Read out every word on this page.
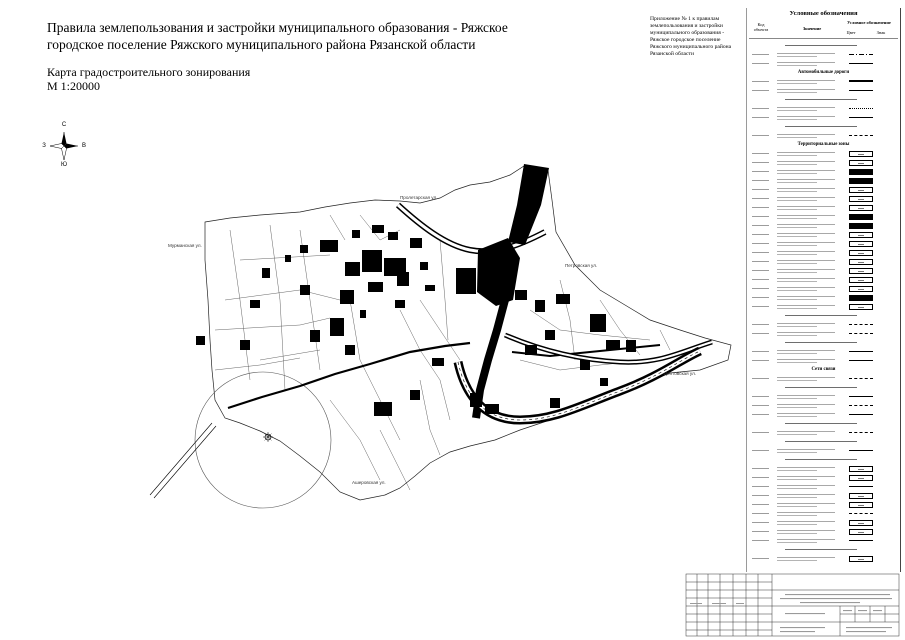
Пролетарская ул.
Мурманская ул.
Петровская ул.
Дептовская ул.
Ашеровская ул.
Правила землепользования и застройки муниципального образования - Ряжское
городское поселение Ряжского муниципального района Рязанской области
Карта градостроительного зонирования
М 1:20000
Приложение № 1 к правилам
землепользования и застройки
муниципального образования -
Ряжское городское поселение
Ряжского муниципального района
Рязанской области
С
Ю
З	В
Условные обозначения
Код объекта	Значение
Условное обозначение
Цвет	Знак
Автомобильные дороги
Территориальные зоны
Сети связи
